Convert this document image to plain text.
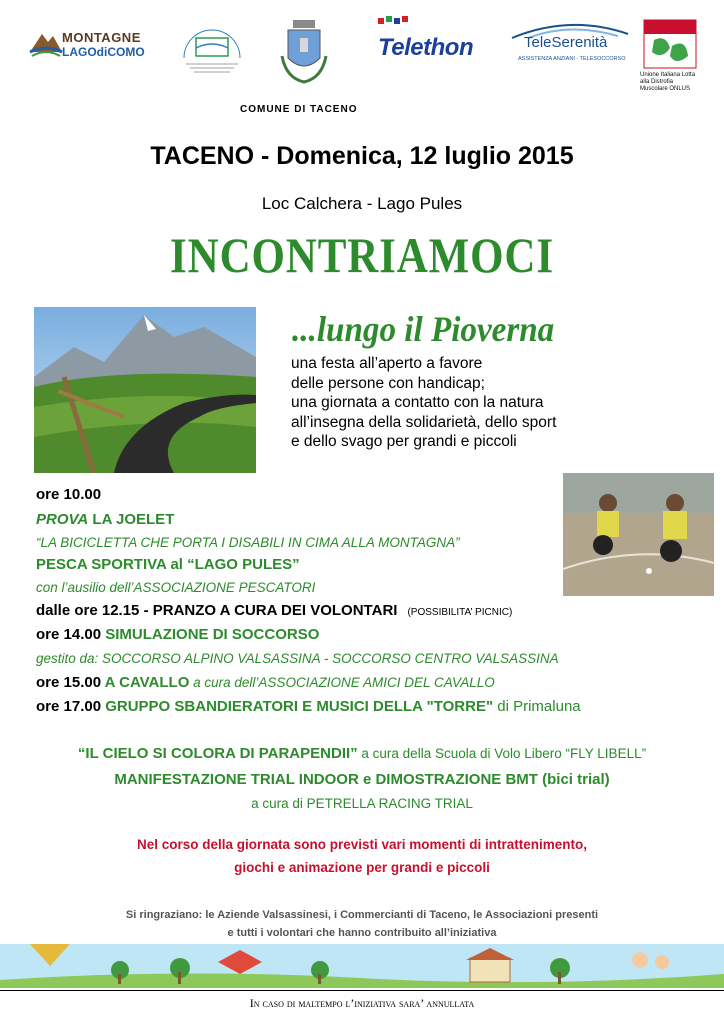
MONTAGNE
LAGOdiCOMO	Telethon	TeleSerenità
ASSISTENZA ANZIANI - TELESOCCORSO
Unione Italiana Lotta alla Distrofia Muscolare ONLUS
COMUNE DI TACENO
TACENO - Domenica, 12 luglio 2015
Loc Calchera - Lago Pules
INCONTRIAMOCI
...lungo il Pioverna
una festa all’aperto a favore
delle persone con handicap;
una giornata a contatto con la natura
all’insegna della solidarietà, dello sport
e dello svago per grandi e piccoli
ore 10.00
PROVA LA JOELET
“LA BICICLETTA CHE PORTA I DISABILI IN CIMA ALLA MONTAGNA”
PESCA SPORTIVA al “LAGO PULES”
con l’ausilio dell’ASSOCIAZIONE PESCATORI
dalle ore 12.15 - PRANZO A CURA DEI VOLONTARI (POSSIBILITA’ PICNIC)
ore 14.00 SIMULAZIONE DI SOCCORSO
gestito da: SOCCORSO ALPINO VALSASSINA - SOCCORSO CENTRO VALSASSINA
ore 15.00 A CAVALLO a cura dell’ASSOCIAZIONE AMICI DEL CAVALLO
ore 17.00 GRUPPO SBANDIERATORI E MUSICI DELLA "TORRE" di Primaluna
“IL CIELO SI COLORA DI PARAPENDII” a cura della Scuola di Volo Libero “FLY LIBELL”
MANIFESTAZIONE TRIAL INDOOR e DIMOSTRAZIONE BMT (bici trial)
a cura di PETRELLA RACING TRIAL
Nel corso della giornata sono previsti vari momenti di intrattenimento,
giochi e animazione per grandi e piccoli
Si ringraziano: le Aziende Valsassinesi, i Commercianti di Taceno, le Associazioni presenti
e tutti i volontari che hanno contribuito all’iniziativa
In caso di maltempo l’iniziativa sara’ annullata
